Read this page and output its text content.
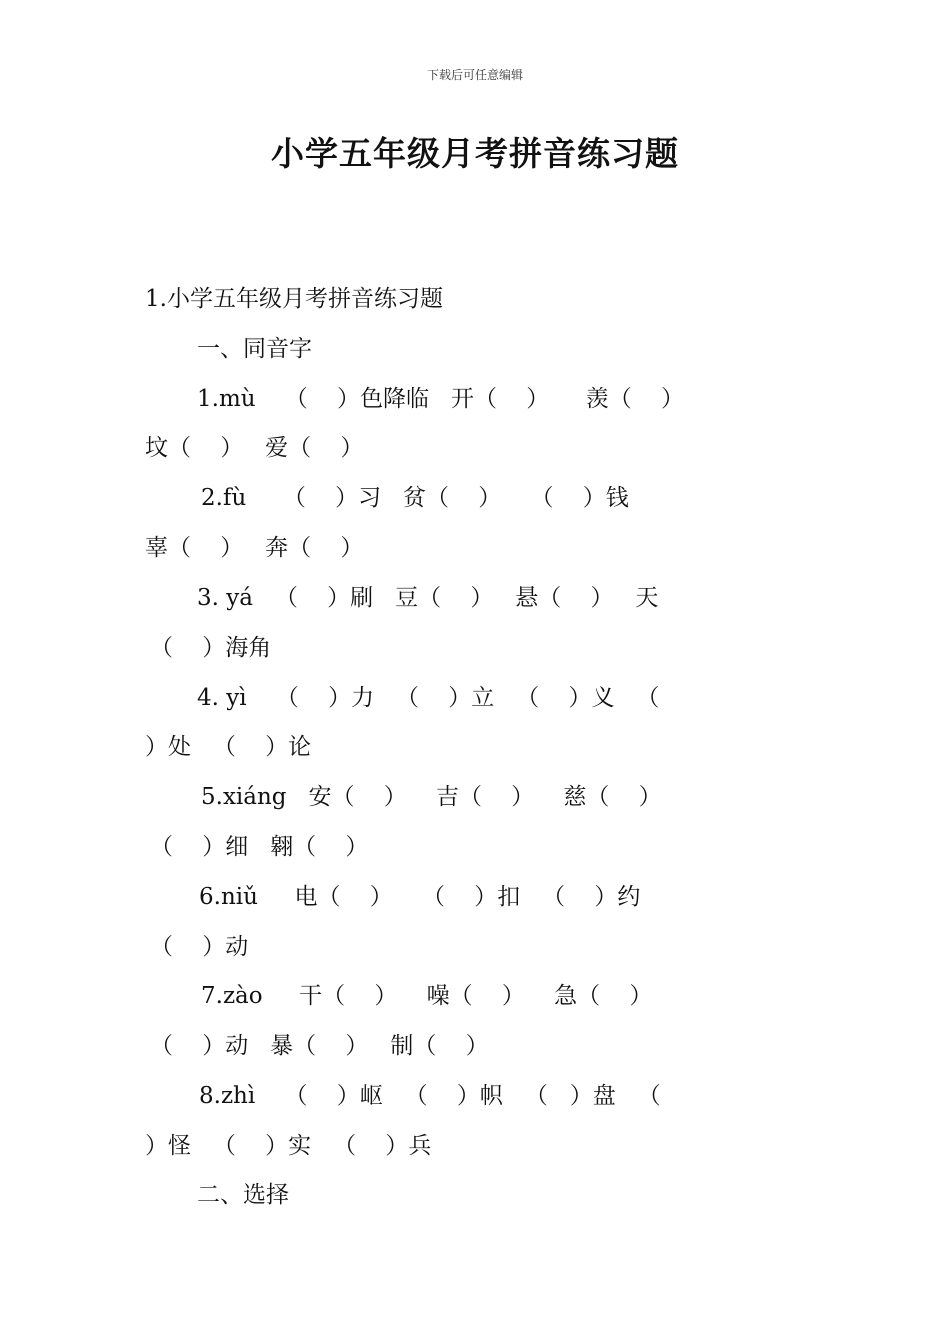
下载后可任意编辑
小学五年级月考拼音练习题
1.小学五年级月考拼音练习题
一、同音字
1.mù    （    ）色降临   开（    ）     羡（    ）
坟（    ）   爱（    ）
2.fù     （    ）习   贫（    ）    （    ）钱
辜（    ）   奔（    ）
3. yá   （    ）刷   豆（    ）   悬（    ）   天
（    ）海角
4. yì    （    ）力   （    ）立   （    ）义   （
）处   （    ）论
5.xiáng   安（    ）    吉（    ）    慈（    ）
（    ）细   翱（    ）
6.niǔ     电（    ）    （    ）扣   （    ）约
（    ）动
7.zào     干（    ）    噪（    ）    急（    ）
（    ）动   暴（    ）   制（    ）
8.zhì    （    ）岖   （    ）帜   （   ）盘   （
）怪   （    ）实   （    ）兵
二、选择
